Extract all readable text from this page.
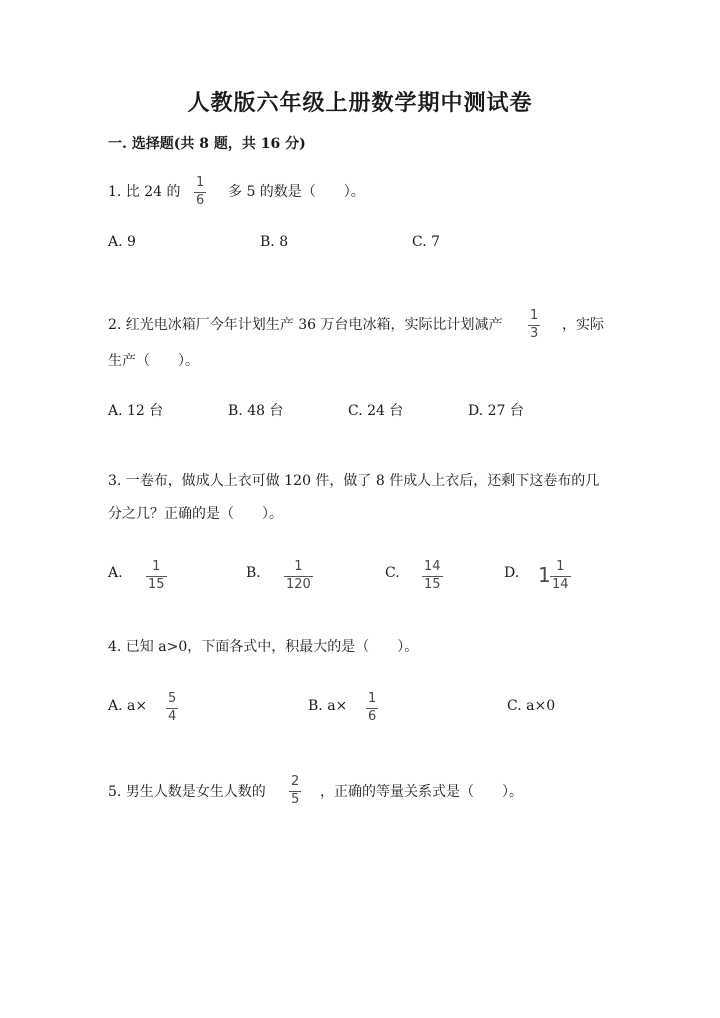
人教版六年级上册数学期中测试卷
一. 选择题(共 8 题，共 16 分)
1. 比 24 的
1
6
多 5 的数是（　　）。
A. 9	B. 8	C. 7
2. 红光电冰箱厂今年计划生产 36 万台电冰箱，实际比计划减产
1
3
，实际
生产（　　）。
A. 12 台	B. 48 台	C. 24 台	D. 27 台
3. 一卷布，做成人上衣可做 120 件，做了 8 件成人上衣后，还剩下这卷布的几
分之几？正确的是（　　）。
A. 1
15
B.	1
120
C. 14
15
D. 1 1
14
4. 已知 a>0，下面各式中，积最大的是（　　）。
A. a× 5
4
B. a× 1
6
C. a×0
5. 男生人数是女生人数的
2
5 ，正确的等量关系式是（　　）。
